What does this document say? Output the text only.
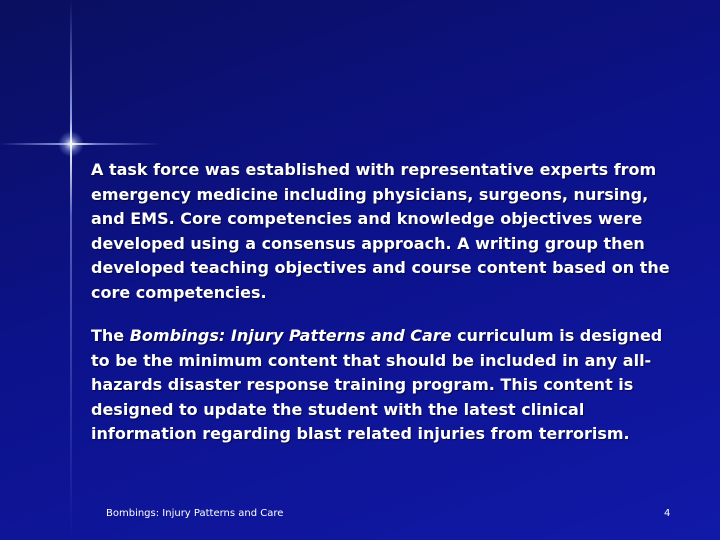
A task force was established with representative experts from emergency medicine including physicians, surgeons, nursing, and EMS. Core competencies and knowledge objectives were developed using a consensus approach. A writing group then developed teaching objectives and course content based on the core competencies.

The Bombings: Injury Patterns and Care curriculum is designed to be the minimum content that should be included in any all-hazards disaster response training program. This content is designed to update the student with the latest clinical information regarding blast related injuries from terrorism.

Bombings: Injury Patterns and Care	4
